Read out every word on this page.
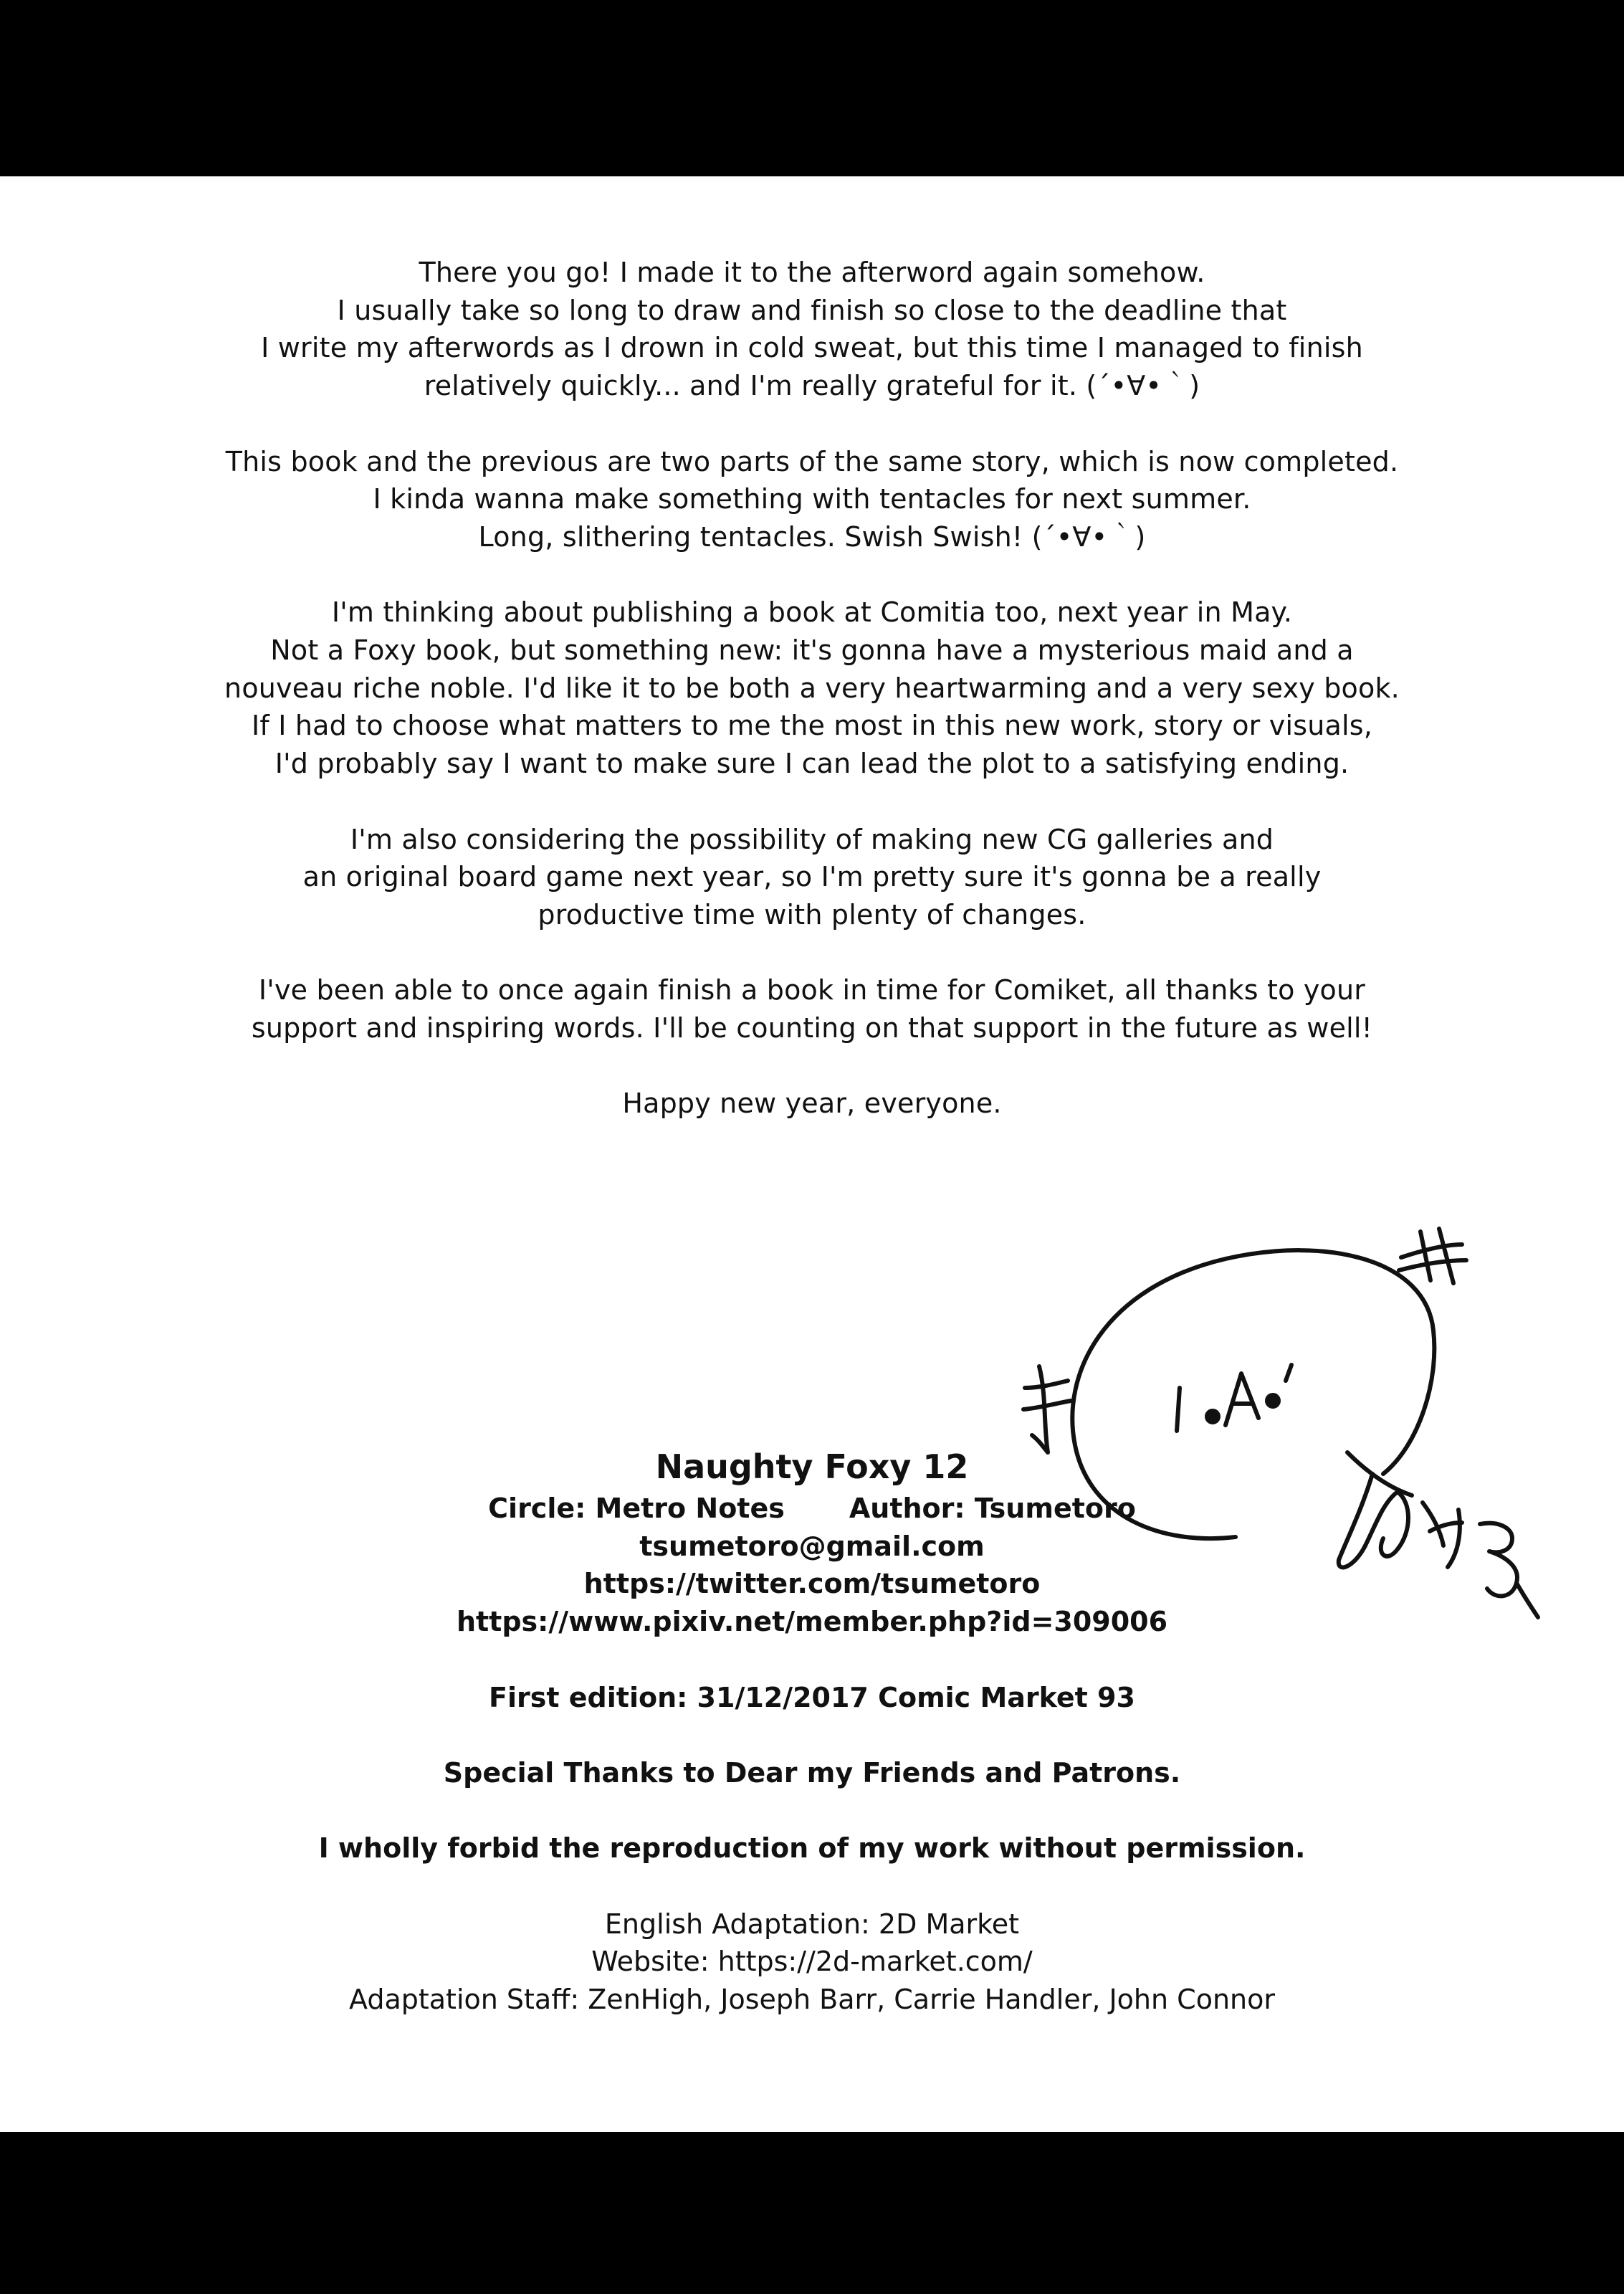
There you go! I made it to the afterword again somehow.
I usually take so long to draw and finish so close to the deadline that
I write my afterwords as I drown in cold sweat, but this time I managed to finish
relatively quickly... and I'm really grateful for it. (´•∀•｀)
This book and the previous are two parts of the same story, which is now completed.
I kinda wanna make something with tentacles for next summer.
Long, slithering tentacles. Swish Swish! (´•∀•｀)
I'm thinking about publishing a book at Comitia too, next year in May.
Not a Foxy book, but something new: it's gonna have a mysterious maid and a
nouveau riche noble. I'd like it to be both a very heartwarming and a very sexy book.
If I had to choose what matters to me the most in this new work, story or visuals,
I'd probably say I want to make sure I can lead the plot to a satisfying ending.
I'm also considering the possibility of making new CG galleries and
an original board game next year, so I'm pretty sure it's gonna be a really
productive time with plenty of changes.
I've been able to once again finish a book in time for Comiket, all thanks to your
support and inspiring words. I'll be counting on that support in the future as well!
Happy new year, everyone.
Naughty Foxy 12
Circle: Metro Notes Author: Tsumetoro
tsumetoro@gmail.com
https://twitter.com/tsumetoro
https://www.pixiv.net/member.php?id=309006
First edition: 31/12/2017 Comic Market 93
Special Thanks to Dear my Friends and Patrons.
I wholly forbid the reproduction of my work without permission.
English Adaptation: 2D Market
Website: https://2d-market.com/
Adaptation Staff: ZenHigh, Joseph Barr, Carrie Handler, John Connor
